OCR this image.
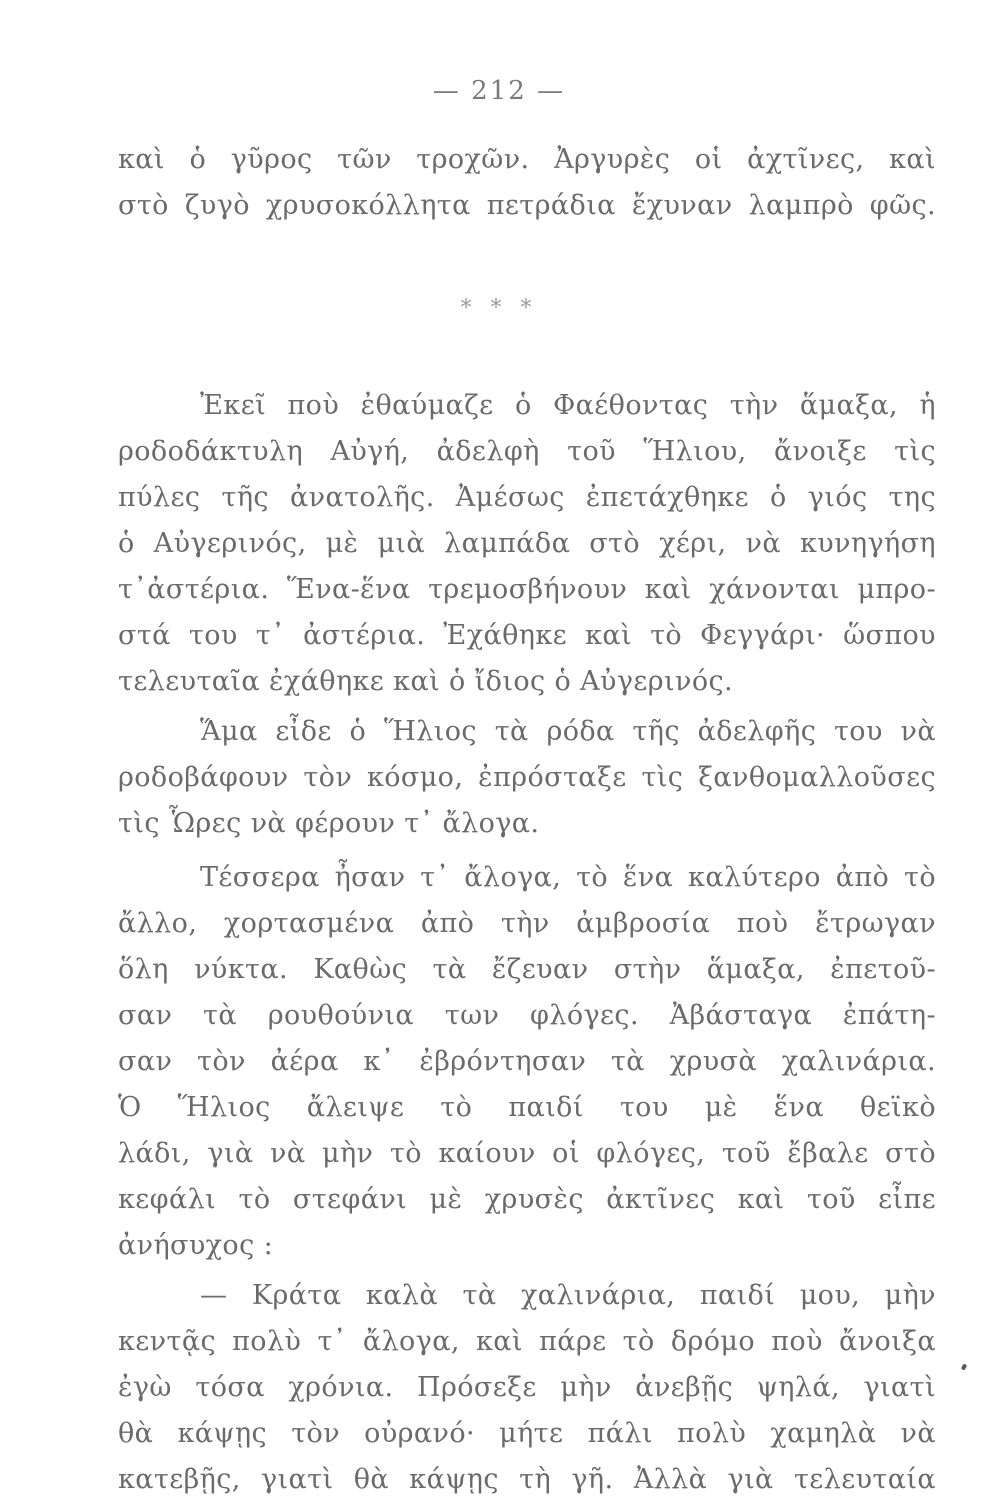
— 212 —
καὶ ὁ γῦρος τῶν τροχῶν. Ἀργυρὲς οἱ ἀχτῖνες, καὶ
στὸ ζυγὸ χρυσοκόλλητα πετράδια ἔχυναν λαμπρὸ φῶς.
* * *
Ἐκεῖ ποὺ ἐθαύμαζε ὁ Φαέθοντας τὴν ἅμαξα, ἡ
ροδοδάκτυλη Αὐγή, ἀδελφὴ τοῦ Ἥλιου, ἄνοιξε τὶς
πύλες τῆς ἀνατολῆς. Ἀμέσως ἐπετάχθηκε ὁ γιός της
ὁ Αὐγερινός, μὲ μιὰ λαμπάδα στὸ χέρι, νὰ κυνηγήση
τ᾽ἀστέρια. Ἕνα-ἕνα τρεμοσβήνουν καὶ χάνονται μπρο-
στά του τ᾽ ἀστέρια. Ἐχάθηκε καὶ τὸ Φεγγάρι· ὥσπου
τελευταῖα ἐχάθηκε καὶ ὁ ἴδιος ὁ Αὐγερινός.
Ἅμα εἶδε ὁ Ἥλιος τὰ ρόδα τῆς ἀδελφῆς του νὰ
ροδοβάφουν τὸν κόσμο, ἐπρόσταξε τὶς ξανθομαλλοῦσες
τὶς Ὧρες νὰ φέρουν τ᾽ ἄλογα.
Τέσσερα ἦσαν τ᾽ ἄλογα, τὸ ἕνα καλύτερο ἀπὸ τὸ
ἄλλο, χορτασμένα ἀπὸ τὴν ἀμβροσία ποὺ ἔτρωγαν
ὅλη νύκτα. Καθὼς τὰ ἔζευαν στὴν ἅμαξα, ἐπετοῦ-
σαν τὰ ρουθούνια των φλόγες. Ἀβάσταγα ἐπάτη-
σαν τὸν ἀέρα κ᾽ ἐβρόντησαν τὰ χρυσὰ χαλινάρια.
Ὁ Ἥλιος ἄλειψε τὸ παιδί του μὲ ἕνα θεϊκὸ
λάδι, γιὰ νὰ μὴν τὸ καίουν οἱ φλόγες, τοῦ ἔβαλε στὸ
κεφάλι τὸ στεφάνι μὲ χρυσὲς ἀκτῖνες καὶ τοῦ εἶπε
ἀνήσυχος :
— Κράτα καλὰ τὰ χαλινάρια, παιδί μου, μὴν
κεντᾷς πολὺ τ᾽ ἄλογα, καὶ πάρε τὸ δρόμο ποὺ ἄνοιξα
ἐγὼ τόσα χρόνια. Πρόσεξε μὴν ἀνεβῇς ψηλά, γιατὶ
θὰ κάψῃς τὸν οὐρανό· μήτε πάλι πολὺ χαμηλὰ νὰ
κατεβῇς, γιατὶ θὰ κάψῃς τὴ γῆ. Ἀλλὰ γιὰ τελευταία
